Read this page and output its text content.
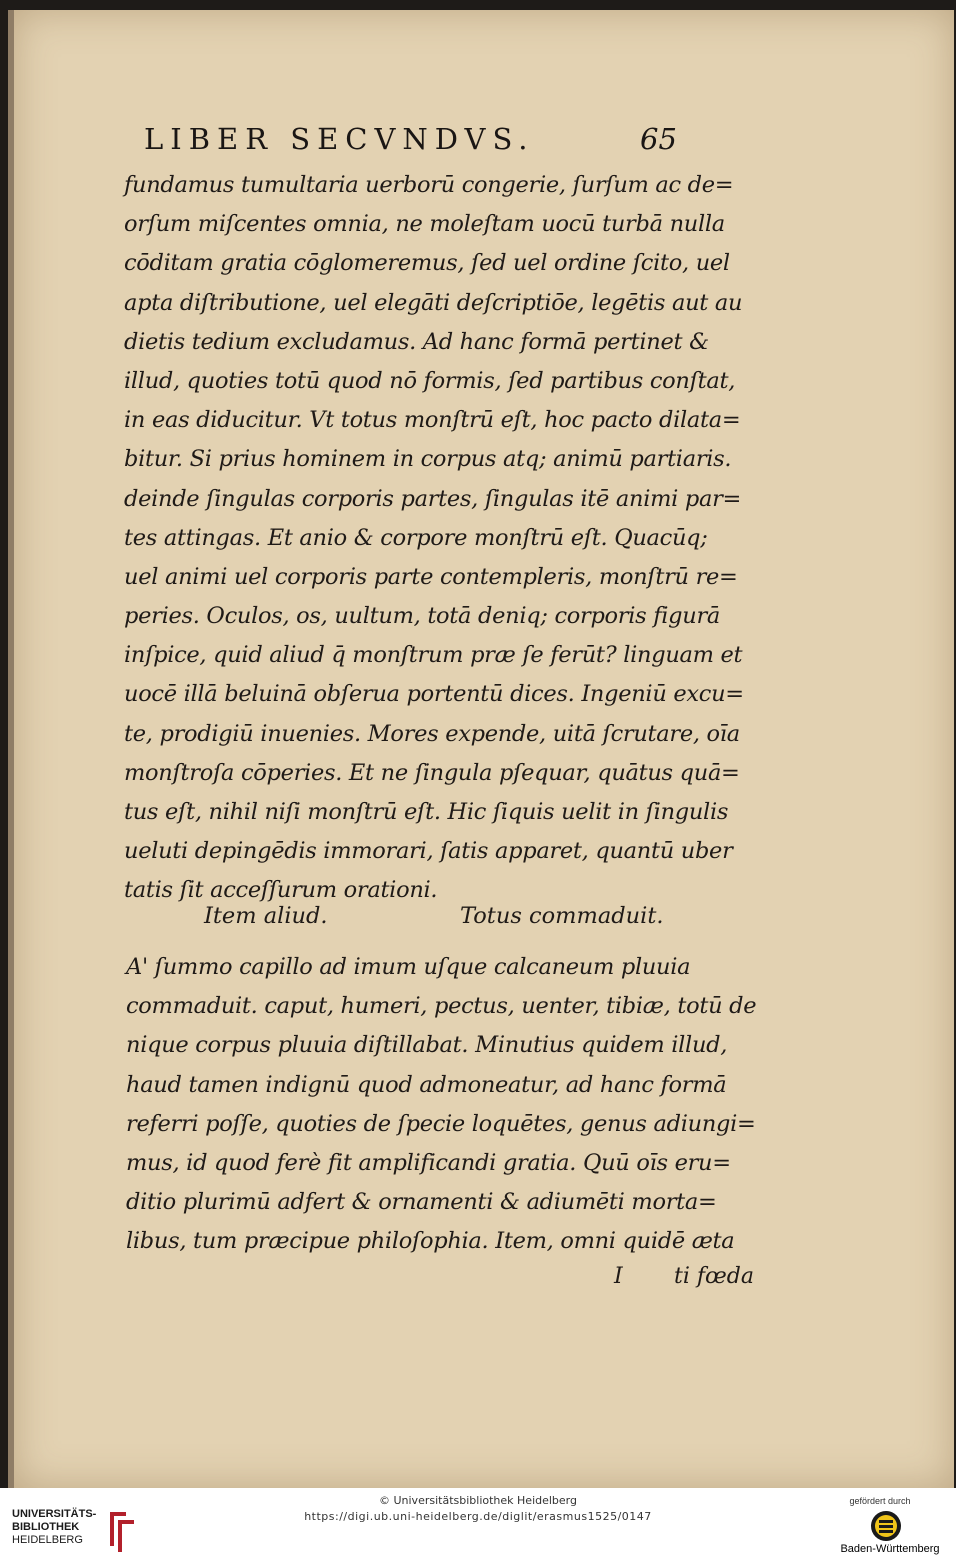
LIBER SECVNDVS.	65
fundamus tumultaria uerborū congerie, ſurſum ac de=
orſum miſcentes omnia, ne moleſtam uocū turbā nulla
cōditam gratia cōglomeremus, ſed uel ordine ſcito, uel
apta diſtributione, uel elegāti deſcriptiōe, legētis aut au
dietis tedium excludamus. Ad hanc formā pertinet &
illud, quoties totū quod nō formis, ſed partibus conſtat,
in eas diducitur. Vt totus monſtrū eſt, hoc pacto dilata=
bitur. Si prius hominem in corpus atq; animū partiaris.
deinde ſingulas corporis partes, ſingulas itē animi par=
tes attingas. Et anio & corpore monſtrū eſt. Quacūq;
uel animi uel corporis parte contempleris, monſtrū re=
peries. Oculos, os, uultum, totā deniq; corporis figurā
inſpice, quid aliud q̄ monſtrum præ ſe ferūt? linguam et
uocē illā beluinā obſerua portentū dices. Ingeniū excu=
te, prodigiū inuenies. Mores expende, uitā ſcrutare, oīa
monſtroſa cōperies. Et ne ſingula pſequar, quātus quā=
tus eſt, nihil niſi monſtrū eſt. Hic ſiquis uelit in ſingulis
ueluti depingēdis immorari, ſatis apparet, quantū uber
tatis ſit acceſſurum orationi.
Item aliud.	Totus commaduit.
A' ſummo capillo ad imum uſque calcaneum pluuia
commaduit. caput, humeri, pectus, uenter, tibiæ, totū de
nique corpus pluuia diſtillabat. Minutius quidem illud,
haud tamen indignū quod admoneatur, ad hanc formā
referri poſſe, quoties de ſpecie loquētes, genus adiungi=
mus, id quod ferè fit amplificandi gratia. Quū oīs eru=
ditio plurimū adfert & ornamenti & adiumēti morta=
libus, tum præcipue philoſophia. Item, omni quidē æta
I ti fœda
UNIVERSITÄTS-
BIBLIOTHEK
HEIDELBERG
© Universitätsbibliothek Heidelberg
https://digi.ub.uni-heidelberg.de/diglit/erasmus1525/0147
gefördert durch
Baden-Württemberg
